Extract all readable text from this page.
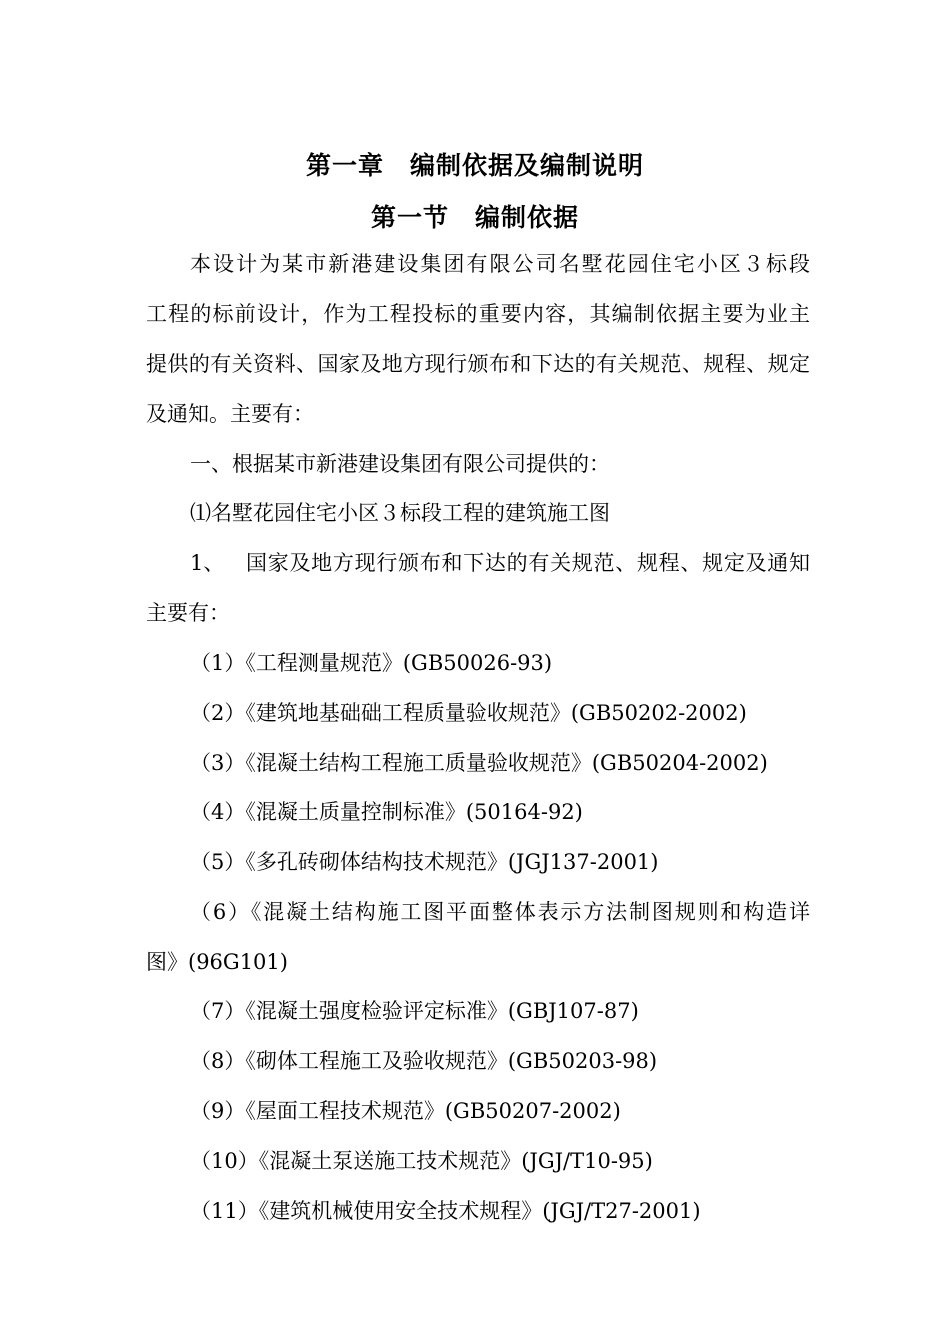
第一章　编制依据及编制说明
第一节　编制依据
本设计为某市新港建设集团有限公司名墅花园住宅小区３标段
工程的标前设计，作为工程投标的重要内容，其编制依据主要为业主
提供的有关资料、国家及地方现行颁布和下达的有关规范、规程、规定
及通知。主要有：
一、根据某市新港建设集团有限公司提供的：
⑴名墅花园住宅小区３标段工程的建筑施工图
1、 国家及地方现行颁布和下达的有关规范、规程、规定及通知
主要有：
（1）《工程测量规范》(GB50026-93)
（2）《建筑地基础础工程质量验收规范》(GB50202-2002)
（3）《混凝土结构工程施工质量验收规范》(GB50204-2002)
（4）《混凝土质量控制标准》(50164-92)
（5）《多孔砖砌体结构技术规范》(JGJ137-2001)
（6）《混凝土结构施工图平面整体表示方法制图规则和构造详
图》(96G101)
（7）《混凝土强度检验评定标准》(GBJ107-87)
（8）《砌体工程施工及验收规范》(GB50203-98)
（9）《屋面工程技术规范》(GB50207-2002)
（10）《混凝土泵送施工技术规范》(JGJ/T10-95)
（11）《建筑机械使用安全技术规程》(JGJ/T27-2001)
